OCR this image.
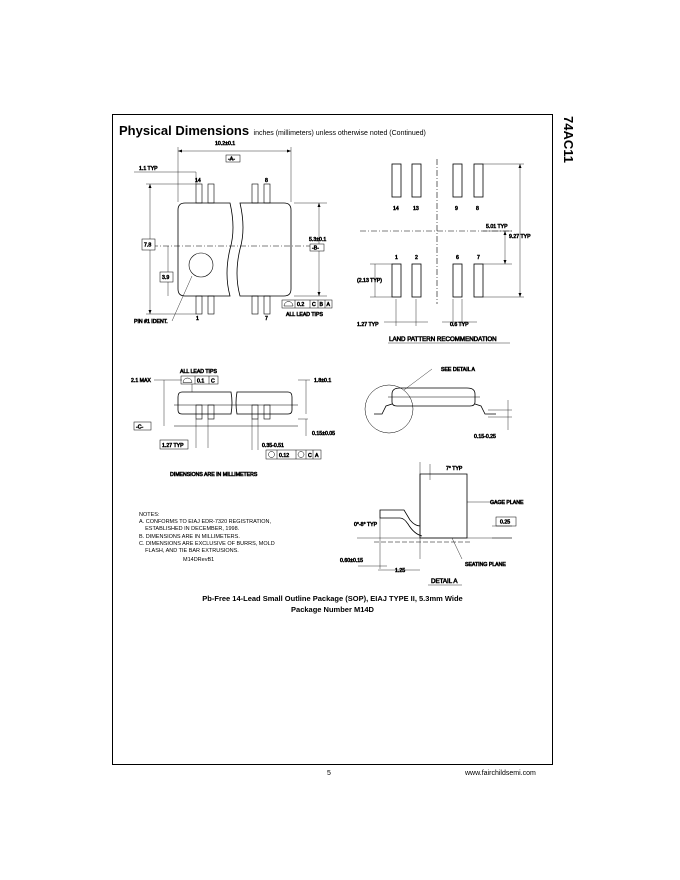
74AC11
Physical Dimensions inches (millimeters) unless otherwise noted (Continued)
10.2±0.1
-A-
1.1 TYP
14	8
7.8
5.3±0.1
-B-
3.9
PIN #1 IDENT.	1	7
0.2 C B A
ALL LEAD TIPS
14	13	9	8
1	2	6	7
5.01 TYP
9.27 TYP
(2.13 TYP)
1.27 TYP	0.6 TYP
LAND PATTERN RECOMMENDATION
2.1 MAX
ALL LEAD TIPS
0.1 C	1.8±0.1
-C-
0.15±0.05
1.27 TYP	0.35-0.51
0.12	C A
DIMENSIONS ARE IN MILLIMETERS
SEE DETAIL A
0.15-0.25
7° TYP
GAGE PLANE
0.25
0°-8° TYP
0.60±0.15
1.25
SEATING PLANE
DETAIL A
NOTES:
A. CONFORMS TO EIAJ EDR-7320 REGISTRATION,
ESTABLISHED IN DECEMBER, 1998.
B. DIMENSIONS ARE IN MILLIMETERS.
C. DIMENSIONS ARE EXCLUSIVE OF BURRS, MOLD
FLASH, AND TIE BAR EXTRUSIONS.
M14DRevB1
Pb-Free 14-Lead Small Outline Package (SOP), EIAJ TYPE II, 5.3mm Wide
Package Number M14D
5	www.fairchildsemi.com
